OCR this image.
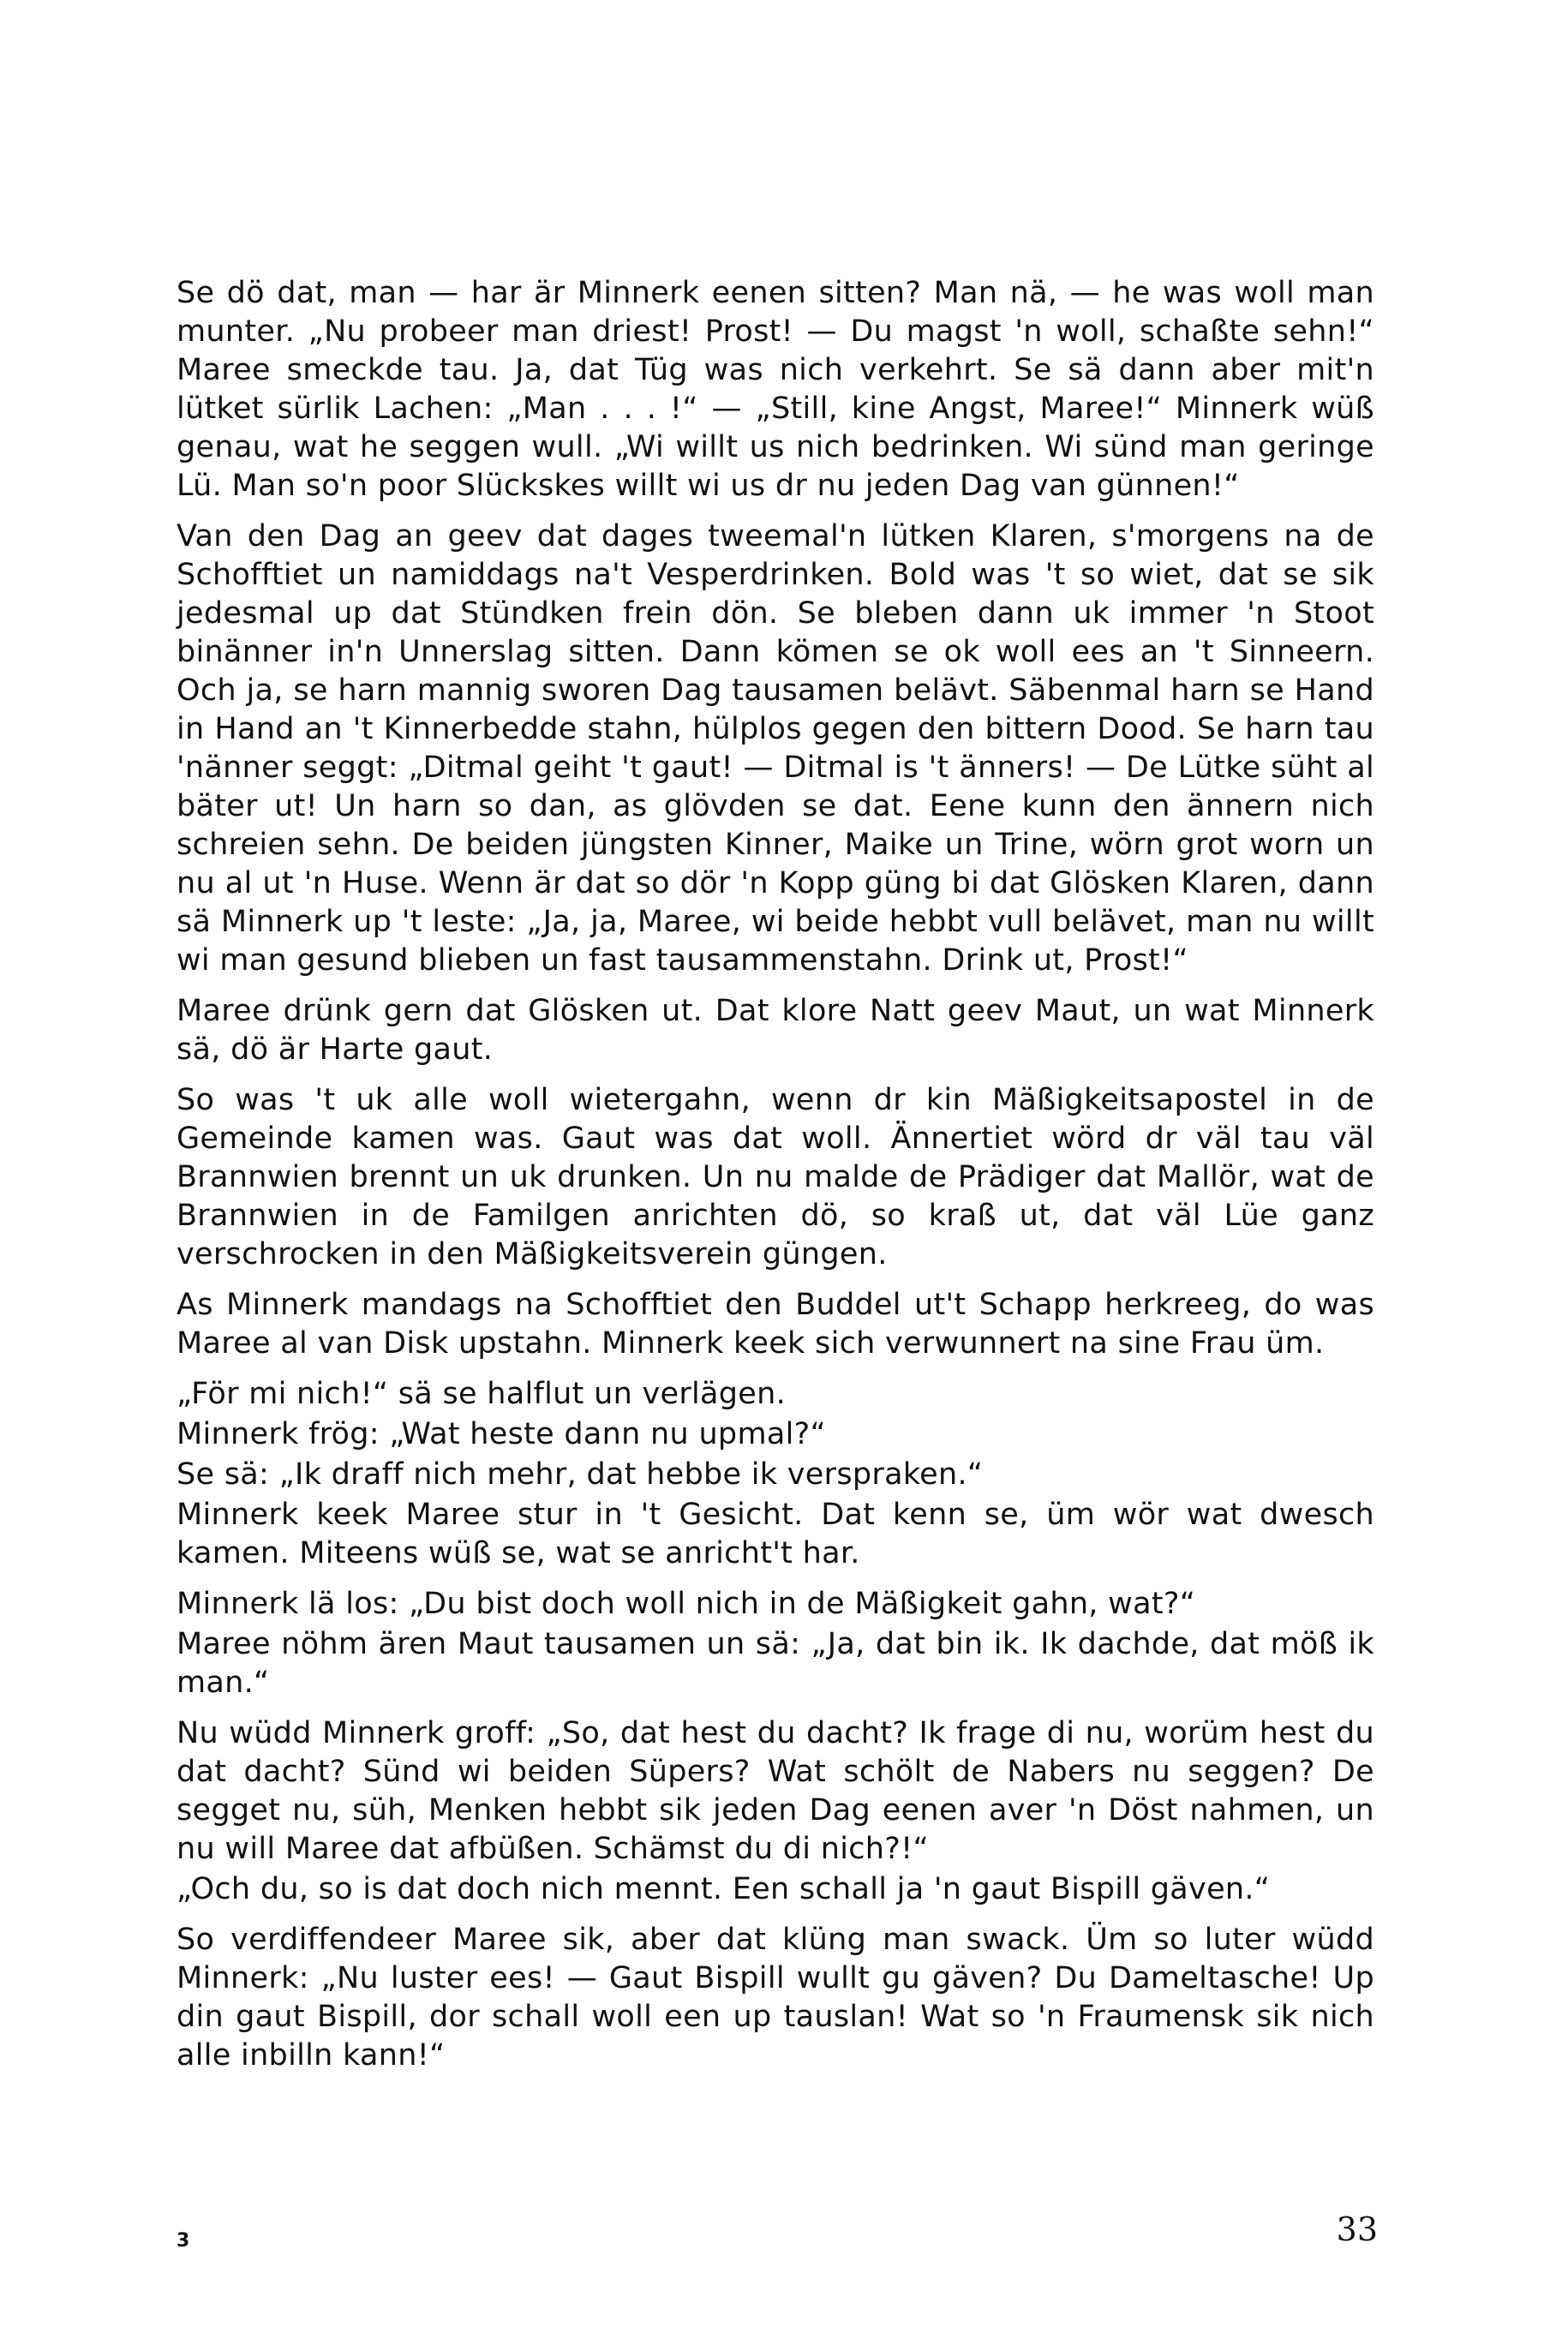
Se dö dat, man — har är Minnerk eenen sitten? Man nä, — he was woll man munter. „Nu probeer man driest! Prost! — Du magst 'n woll, schaßte sehn!“ Maree smeckde tau. Ja, dat Tüg was nich verkehrt. Se sä dann aber mit'n lütket sürlik Lachen: „Man . . . !“ — „Still, kine Angst, Maree!“ Minnerk wüß genau, wat he seggen wull. „Wi willt us nich bedrinken. Wi sünd man geringe Lü. Man so'n poor Slückskes willt wi us dr nu jeden Dag van günnen!“

Van den Dag an geev dat dages tweemal'n lütken Klaren, s'morgens na de Schofftiet un namiddags na't Vesperdrinken. Bold was 't so wiet, dat se sik jedesmal up dat Stündken frein dön. Se bleben dann uk immer 'n Stoot binänner in'n Unnerslag sitten. Dann kömen se ok woll ees an 't Sinneern. Och ja, se harn mannig sworen Dag tausamen belävt. Säbenmal harn se Hand in Hand an 't Kinnerbedde stahn, hülplos gegen den bittern Dood. Se harn tau 'nänner seggt: „Ditmal geiht 't gaut! — Ditmal is 't änners! — De Lütke süht al bäter ut! Un harn so dan, as glövden se dat. Eene kunn den ännern nich schreien sehn. De beiden jüngsten Kinner, Maike un Trine, wörn grot worn un nu al ut 'n Huse. Wenn är dat so dör 'n Kopp güng bi dat Glösken Klaren, dann sä Minnerk up 't leste: „Ja, ja, Maree, wi beide hebbt vull belävet, man nu willt wi man gesund blieben un fast tausammenstahn. Drink ut, Prost!“

Maree drünk gern dat Glösken ut. Dat klore Natt geev Maut, un wat Minnerk sä, dö är Harte gaut.

So was 't uk alle woll wietergahn, wenn dr kin Mäßigkeitsapostel in de Gemeinde kamen was. Gaut was dat woll. Ännertiet wörd dr väl tau väl Brannwien brennt un uk drunken. Un nu malde de Prädiger dat Mallör, wat de Brannwien in de Familgen anrichten dö, so kraß ut, dat väl Lüe ganz verschrocken in den Mäßigkeitsverein güngen.

As Minnerk mandags na Schofftiet den Buddel ut't Schapp herkreeg, do was Maree al van Disk upstahn. Minnerk keek sich verwunnert na sine Frau üm.

„För mi nich!“ sä se halflut un verlägen.

Minnerk frög: „Wat heste dann nu upmal?“

Se sä: „Ik draff nich mehr, dat hebbe ik verspraken.“

Minnerk keek Maree stur in 't Gesicht. Dat kenn se, üm wör wat dwesch kamen. Miteens wüß se, wat se anricht't har.

Minnerk lä los: „Du bist doch woll nich in de Mäßigkeit gahn, wat?“

Maree nöhm ären Maut tausamen un sä: „Ja, dat bin ik. Ik dachde, dat möß ik man.“

Nu wüdd Minnerk groff: „So, dat hest du dacht? Ik frage di nu, worüm hest du dat dacht? Sünd wi beiden Süpers? Wat schölt de Nabers nu seggen? De segget nu, süh, Menken hebbt sik jeden Dag eenen aver 'n Döst nahmen, un nu will Maree dat afbüßen. Schämst du di nich?!“

„Och du, so is dat doch nich mennt. Een schall ja 'n gaut Bispill gäven.“

So verdiffendeer Maree sik, aber dat klüng man swack. Üm so luter wüdd Minnerk: „Nu luster ees! — Gaut Bispill wullt gu gäven? Du Dameltasche! Up din gaut Bispill, dor schall woll een up tauslan! Wat so 'n Fraumensk sik nich alle inbilln kann!“

3	33
